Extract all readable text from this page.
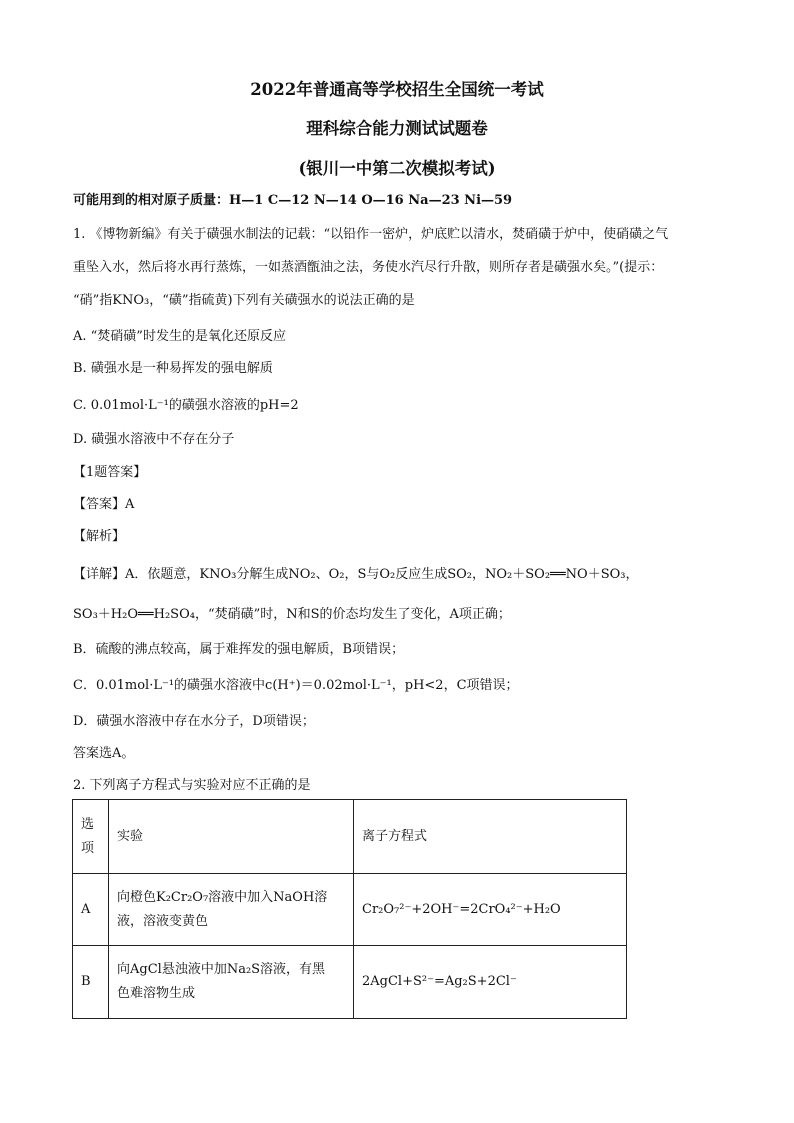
2022年普通高等学校招生全国统一考试
理科综合能力测试试题卷
(银川一中第二次模拟考试)
可能用到的相对原子质量：H—1 C—12 N—14 O—16 Na—23 Ni—59
1. 《博物新编》有关于磺强水制法的记载：“以铅作一密炉，炉底贮以清水，焚硝磺于炉中，使硝磺之气
重坠入水，然后将水再行蒸炼，一如蒸酒甑油之法，务使水汽尽行升散，则所存者是磺强水矣。”(提示：
“硝”指KNO₃，“磺”指硫黄)下列有关磺强水的说法正确的是
A. “焚硝磺”时发生的是氧化还原反应
B. 磺强水是一种易挥发的强电解质
C. 0.01mol·L⁻¹的磺强水溶液的pH=2
D. 磺强水溶液中不存在分子
【1题答案】
【答案】A
【解析】
【详解】A．依题意，KNO₃分解生成NO₂、O₂，S与O₂反应生成SO₂，NO₂＋SO₂══NO＋SO₃，
SO₃＋H₂O══H₂SO₄，“焚硝磺”时，N和S的价态均发生了变化，A项正确；
B．硫酸的沸点较高，属于难挥发的强电解质，B项错误；
C．0.01mol·L⁻¹的磺强水溶液中c(H⁺)＝0.02mol·L⁻¹，pH<2，C项错误；
D．磺强水溶液中存在水分子，D项错误；
答案选A。
2. 下列离子方程式与实验对应不正确的是
选
项	实验	离子方程式
A	向橙色K₂Cr₂O₇溶液中加入NaOH溶
液，溶液变黄色	Cr₂O₇²⁻+2OH⁻=2CrO₄²⁻+H₂O
B	向AgCl悬浊液中加Na₂S溶液，有黑
色难溶物生成	2AgCl+S²⁻=Ag₂S+2Cl⁻
